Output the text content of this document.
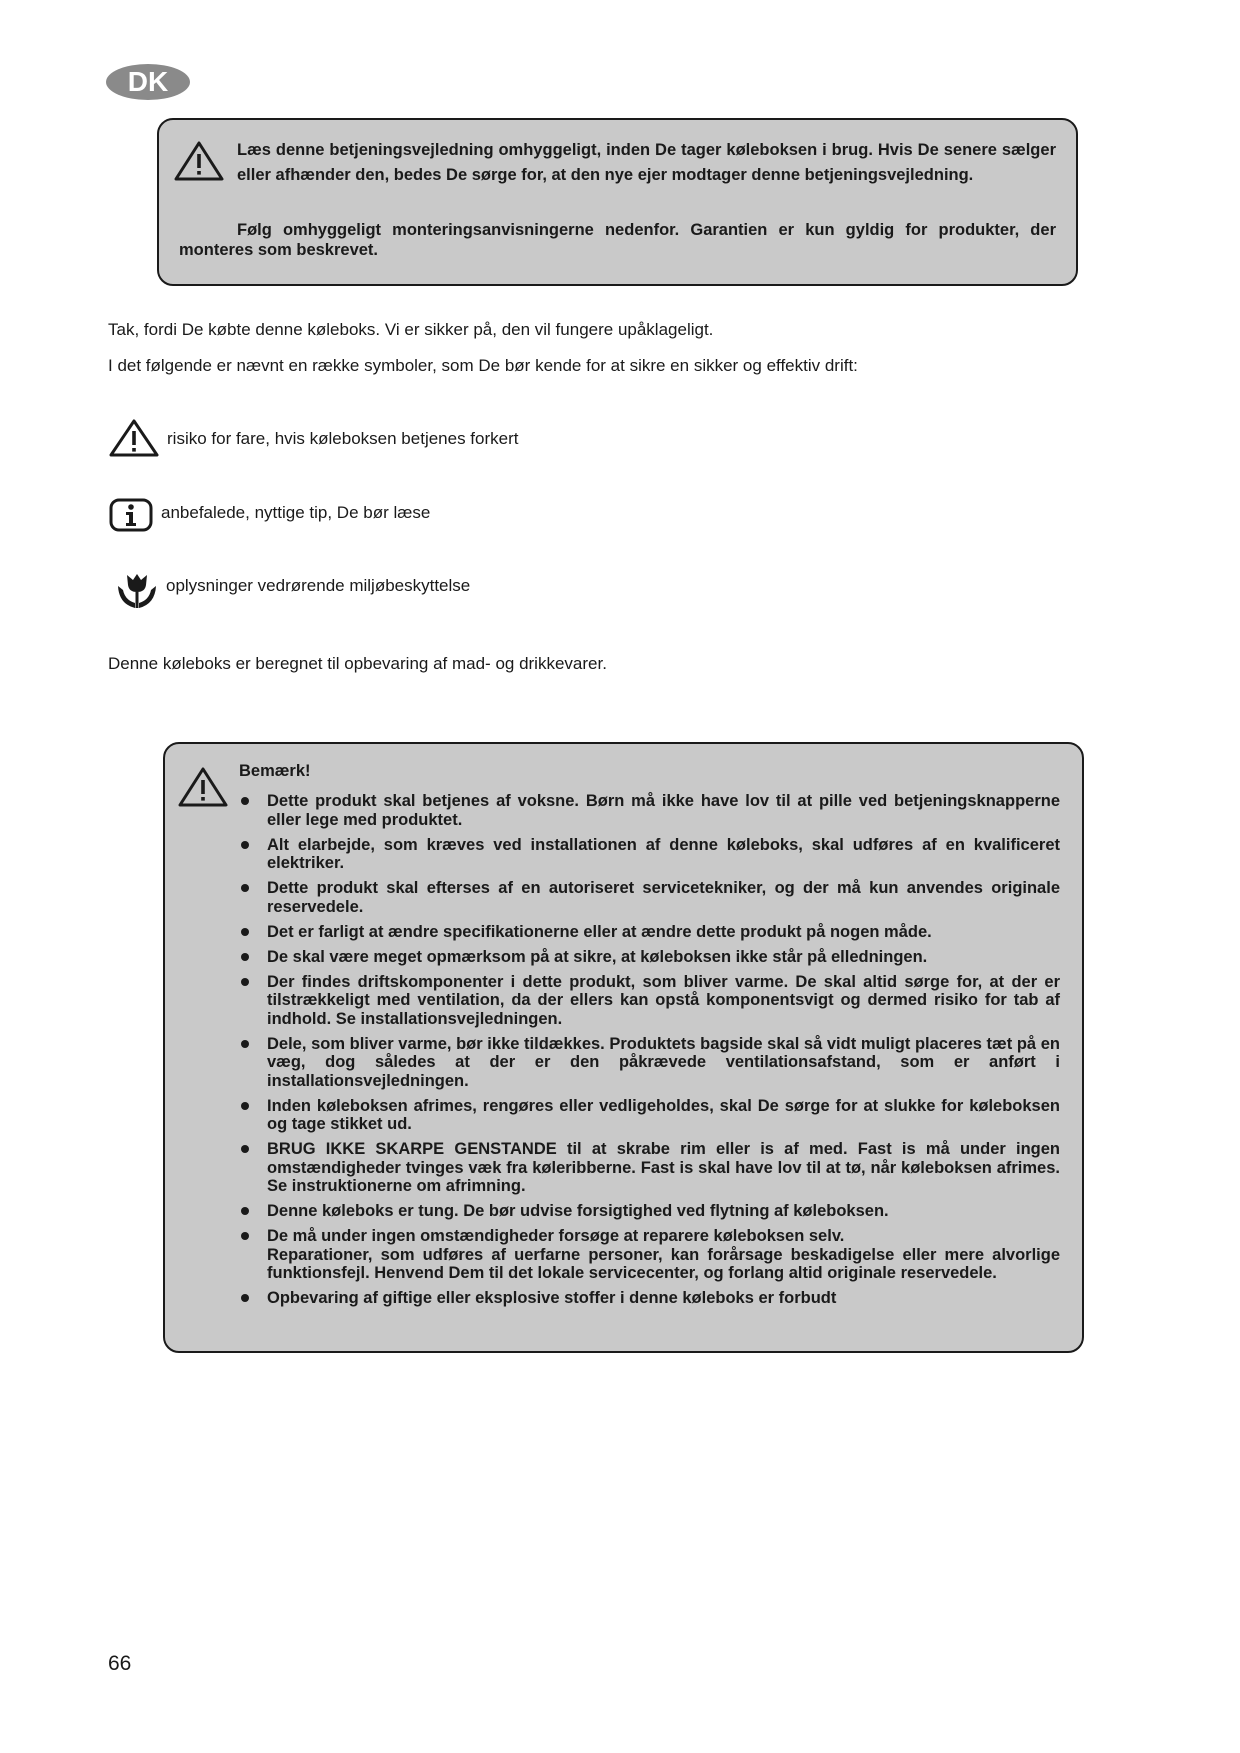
DK
Læs denne betjeningsvejledning omhyggeligt, inden De tager køleboksen i brug. Hvis De senere sælger eller afhænder den, bedes De sørge for, at den nye ejer modtager denne betjeningsvejledning.
Følg omhyggeligt monteringsanvisningerne nedenfor. Garantien er kun gyldig for produkter, der monteres som beskrevet.
Tak, fordi De købte denne køleboks. Vi er sikker på, den vil fungere upåklageligt.
I det følgende er nævnt en række symboler, som De bør kende for at sikre en sikker og effektiv drift:
risiko for fare, hvis køleboksen betjenes forkert
anbefalede, nyttige tip, De bør læse
oplysninger vedrørende miljøbeskyttelse
Denne køleboks er beregnet til opbevaring af mad- og drikkevarer.
Bemærk!
Dette produkt skal betjenes af voksne. Børn må ikke have lov til at pille ved betjeningsknapperne eller lege med produktet.
Alt elarbejde, som kræves ved installationen af denne køleboks, skal udføres af en kvalificeret elektriker.
Dette produkt skal efterses af en autoriseret servicetekniker, og der må kun anvendes originale reservedele.
Det er farligt at ændre specifikationerne eller at ændre dette produkt på nogen måde.
De skal være meget opmærksom på at sikre, at køleboksen ikke står på elledningen.
Der findes driftskomponenter i dette produkt, som bliver varme. De skal altid sørge for, at der er tilstrækkeligt med ventilation, da der ellers kan opstå komponentsvigt og dermed risiko for tab af indhold. Se installationsvejledningen.
Dele, som bliver varme, bør ikke tildækkes. Produktets bagside skal så vidt muligt placeres tæt på en væg, dog således at der er den påkrævede ventilationsafstand, som er anført i installationsvejledningen.
Inden køleboksen afrimes, rengøres eller vedligeholdes, skal De sørge for at slukke for køleboksen og tage stikket ud.
BRUG IKKE SKARPE GENSTANDE til at skrabe rim eller is af med. Fast is må under ingen omstændigheder tvinges væk fra køleribberne. Fast is skal have lov til at tø, når køleboksen afrimes. Se instruktionerne om afrimning.
Denne køleboks er tung. De bør udvise forsigtighed ved flytning af køleboksen.
De må under ingen omstændigheder forsøge at reparere køleboksen selv.
Reparationer, som udføres af uerfarne personer, kan forårsage beskadigelse eller mere alvorlige funktionsfejl. Henvend Dem til det lokale servicecenter, og forlang altid originale reservedele.
Opbevaring af giftige eller eksplosive stoffer i denne køleboks er forbudt
66
